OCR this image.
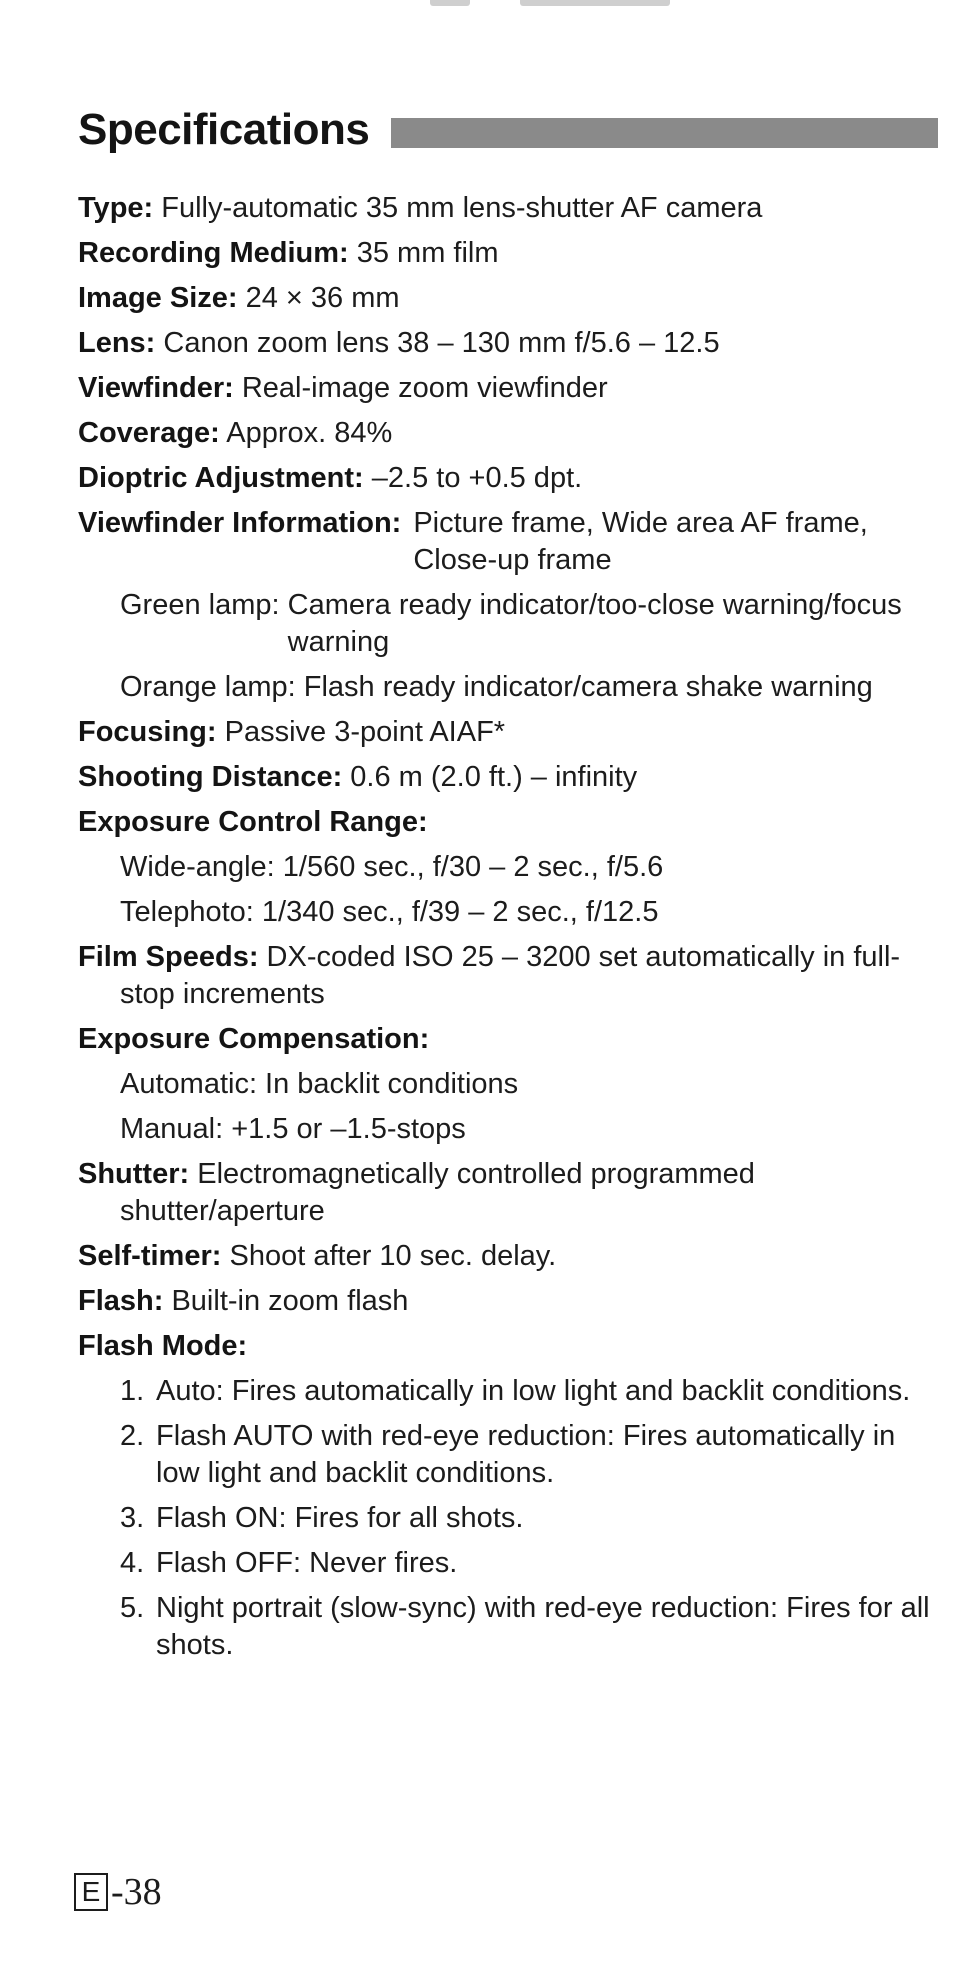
Specifications
Type: Fully-automatic 35 mm lens-shutter AF camera
Recording Medium: 35 mm film
Image Size: 24 × 36 mm
Lens: Canon zoom lens 38 – 130 mm f/5.6 – 12.5
Viewfinder: Real-image zoom viewfinder
Coverage: Approx. 84%
Dioptric Adjustment: –2.5 to +0.5 dpt.
Viewfinder Information: Picture frame, Wide area AF frame, Close-up frame
Green lamp: Camera ready indicator/too-close warning/focus warning
Orange lamp: Flash ready indicator/camera shake warning
Focusing: Passive 3-point AIAF*
Shooting Distance: 0.6 m (2.0 ft.) – infinity
Exposure Control Range:
Wide-angle: 1/560 sec., f/30 – 2 sec., f/5.6
Telephoto: 1/340 sec., f/39 – 2 sec., f/12.5
Film Speeds: DX-coded ISO 25 – 3200 set automatically in full-stop increments
Exposure Compensation:
Automatic: In backlit conditions
Manual: +1.5 or –1.5-stops
Shutter: Electromagnetically controlled programmed shutter/aperture
Self-timer: Shoot after 10 sec. delay.
Flash: Built-in zoom flash
Flash Mode:
1. Auto: Fires automatically in low light and backlit conditions.
2. Flash AUTO with red-eye reduction: Fires automatically in low light and backlit conditions.
3. Flash ON: Fires for all shots.
4. Flash OFF: Never fires.
5. Night portrait (slow-sync) with red-eye reduction: Fires for all shots.
E -38
